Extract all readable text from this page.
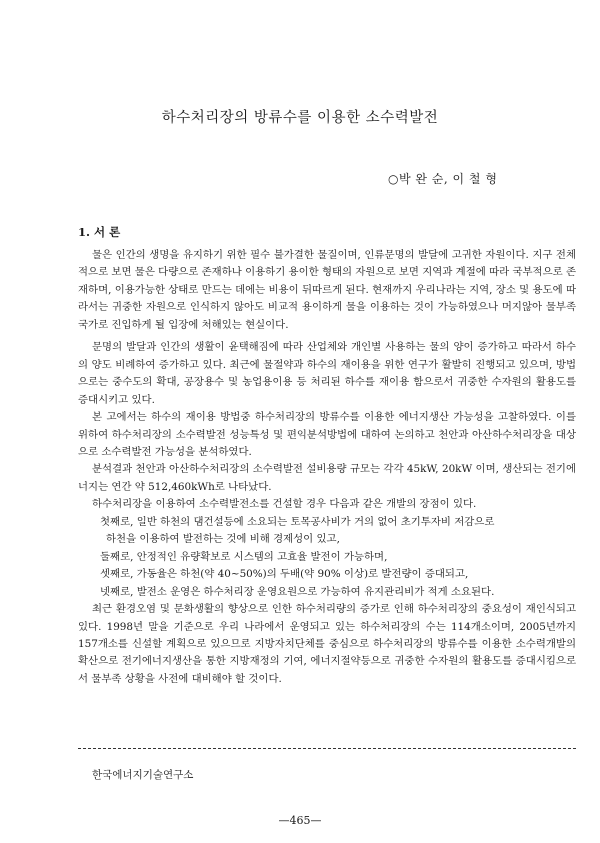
하수처리장의 방류수를 이용한 소수력발전
○박 완 순, 이 철 형
1. 서 론

물은 인간의 생명을 유지하기 위한 필수 불가결한 물질이며, 인류문명의 발달에 고귀한 자원이다. 지구 전체적으로 보면 물은 다량으로 존재하나 이용하기 용이한 형태의 자원으로 보면 지역과 계절에 따라 국부적으로 존재하며, 이용가능한 상태로 만드는 데에는 비용이 뒤따르게 된다. 현재까지 우리나라는 지역, 장소 및 용도에 따라서는 귀중한 자원으로 인식하지 않아도 비교적 용이하게 물을 이용하는 것이 가능하였으나 머지않아 물부족 국가로 진입하게 될 입장에 처해있는 현실이다.

문명의 발달과 인간의 생활이 윤택해짐에 따라 산업체와 개인별 사용하는 물의 양이 증가하고 따라서 하수의 양도 비례하여 증가하고 있다. 최근에 물절약과 하수의 재이용을 위한 연구가 활발히 진행되고 있으며, 방법으로는 중수도의 확대, 공장용수 및 농업용이용 등 처리된 하수를 재이용 함으로서 귀중한 수자원의 활용도를 증대시키고 있다.

본 고에서는 하수의 재이용 방법중 하수처리장의 방류수를 이용한 에너지생산 가능성을 고찰하였다. 이를 위하여 하수처리장의 소수력발전 성능특성 및 편익분석방법에 대하여 논의하고 천안과 아산하수처리장을 대상으로 소수력발전 가능성을 분석하였다.

분석결과 천안과 아산하수처리장의 소수력발전 설비용량 규모는 각각 45kW, 20kW 이며, 생산되는 전기에너지는 연간 약 512,460kWh로 나타났다.

하수처리장을 이용하여 소수력발전소를 건설할 경우 다음과 같은 개발의 장점이 있다.

첫째로, 일반 하천의 댐건설등에 소요되는 토목공사비가 거의 없어 초기투자비 저감으로

하천을 이용하여 발전하는 것에 비해 경제성이 있고,

둘째로, 안정적인 유량확보로 시스템의 고효율 발전이 가능하며,

셋째로, 가동율은 하천(약 40~50%)의 두배(약 90% 이상)로 발전량이 증대되고,

넷째로, 발전소 운영은 하수처리장 운영요원으로 가능하여 유지관리비가 적게 소요된다.

최근 환경오염 및 문화생활의 향상으로 인한 하수처리량의 증가로 인해 하수처리장의 중요성이 재인식되고 있다. 1998년 말을 기준으로 우리 나라에서 운영되고 있는 하수처리장의 수는 114개소이며, 2005년까지 157개소를 신설할 계획으로 있으므로 지방자치단체를 중심으로 하수처리장의 방류수를 이용한 소수력개발의 확산으로 전기에너지생산을 통한 지방재정의 기여, 에너지절약등으로 귀중한 수자원의 활용도를 증대시킴으로서 물부족 상황을 사전에 대비해야 할 것이다.

한국에너지기술연구소
—465—
